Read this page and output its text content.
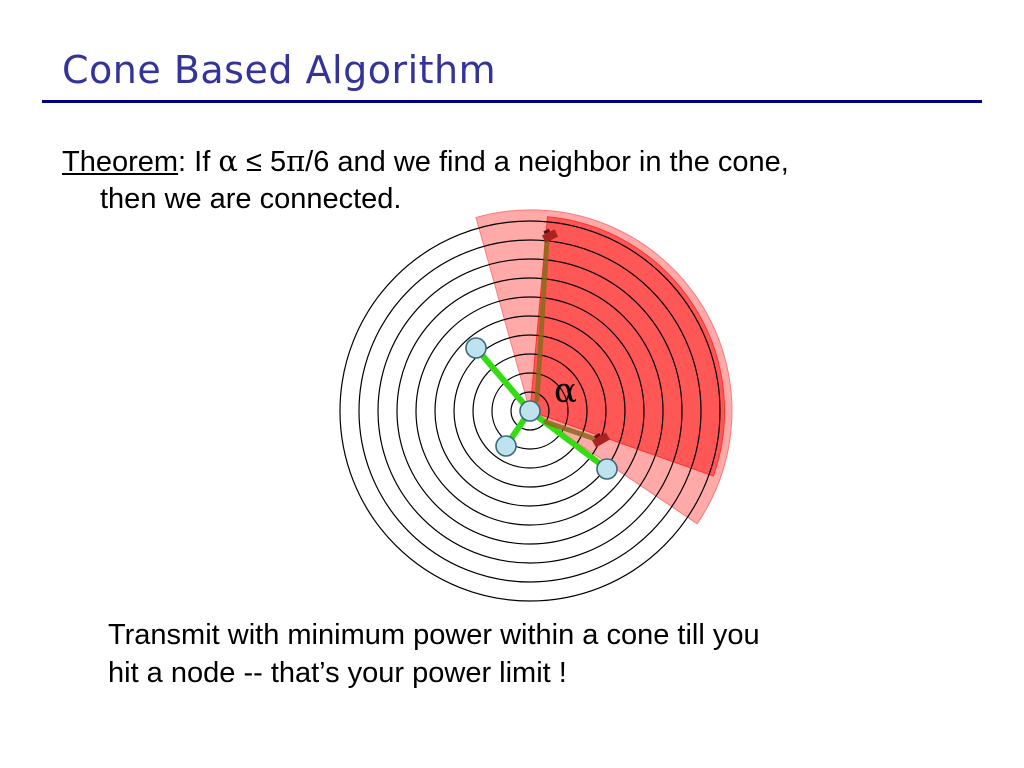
Cone Based Algorithm
Theorem: If α ≤ 5π/6 and we find a neighbor in the cone,
then we are connected.
α
Transmit with minimum power within a cone till you
hit a node -- that’s your power limit !
